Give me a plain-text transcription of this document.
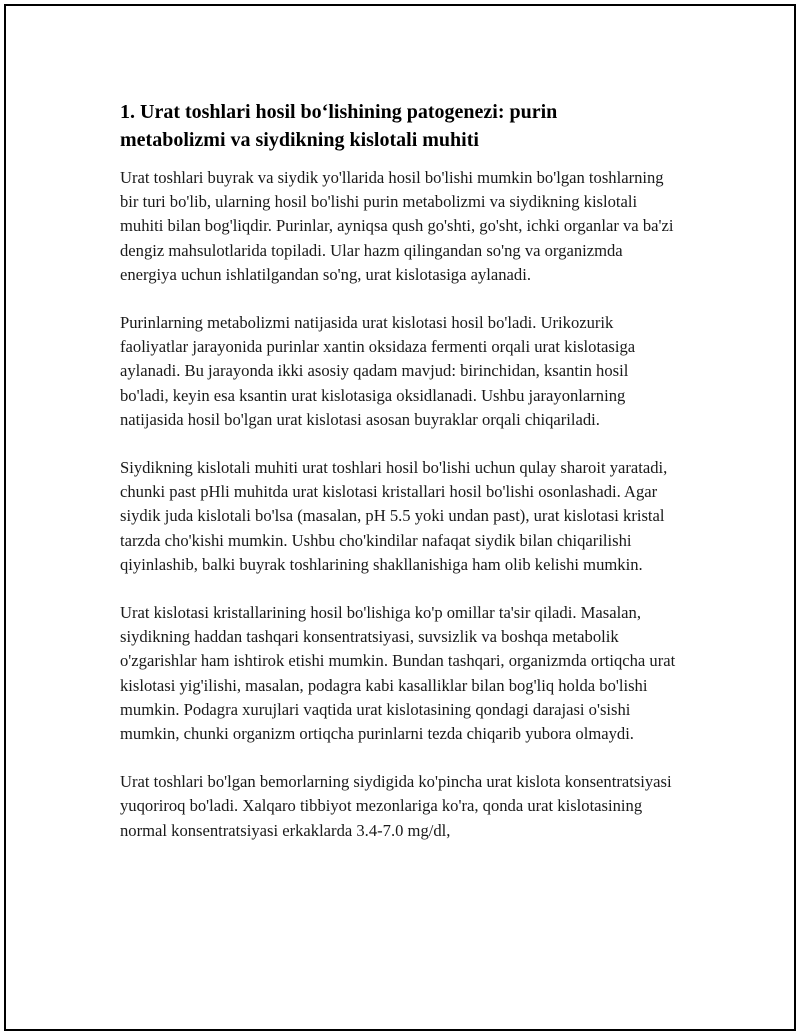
1. Urat toshlari hosil bo‘lishining patogenezi: purin
metabolizmi va siydikning kislotali muhiti

Urat toshlari buyrak va siydik yo'llarida hosil bo'lishi mumkin bo'lgan toshlarning bir turi bo'lib, ularning hosil bo'lishi purin metabolizmi va siydikning kislotali muhiti bilan bog'liqdir. Purinlar, ayniqsa qush go'shti, go'sht, ichki organlar va ba'zi dengiz mahsulotlarida topiladi. Ular hazm qilingandan so'ng va organizmda energiya uchun ishlatilgandan so'ng, urat kislotasiga aylanadi.

Purinlarning metabolizmi natijasida urat kislotasi hosil bo'ladi. Urikozurik faoliyatlar jarayonida purinlar xantin oksidaza fermenti orqali urat kislotasiga aylanadi. Bu jarayonda ikki asosiy qadam mavjud: birinchidan, ksantin hosil bo'ladi, keyin esa ksantin urat kislotasiga oksidlanadi. Ushbu jarayonlarning natijasida hosil bo'lgan urat kislotasi asosan buyraklar orqali chiqariladi.

Siydikning kislotali muhiti urat toshlari hosil bo'lishi uchun qulay sharoit yaratadi, chunki past pHli muhitda urat kislotasi kristallari hosil bo'lishi osonlashadi. Agar siydik juda kislotali bo'lsa (masalan, pH 5.5 yoki undan past), urat kislotasi kristal tarzda cho'kishi mumkin. Ushbu cho'kindilar nafaqat siydik bilan chiqarilishi qiyinlashib, balki buyrak toshlarining shakllanishiga ham olib kelishi mumkin.

Urat kislotasi kristallarining hosil bo'lishiga ko'p omillar ta'sir qiladi. Masalan, siydikning haddan tashqari konsentratsiyasi, suvsizlik va boshqa metabolik o'zgarishlar ham ishtirok etishi mumkin. Bundan tashqari, organizmda ortiqcha urat kislotasi yig'ilishi, masalan, podagra kabi kasalliklar bilan bog'liq holda bo'lishi mumkin. Podagra xurujlari vaqtida urat kislotasining qondagi darajasi o'sishi mumkin, chunki organizm ortiqcha purinlarni tezda chiqarib yubora olmaydi.

Urat toshlari bo'lgan bemorlarning siydigida ko'pincha urat kislota konsentratsiyasi yuqoriroq bo'ladi. Xalqaro tibbiyot mezonlariga ko'ra, qonda urat kislotasining normal konsentratsiyasi erkaklarda 3.4-7.0 mg/dl,
